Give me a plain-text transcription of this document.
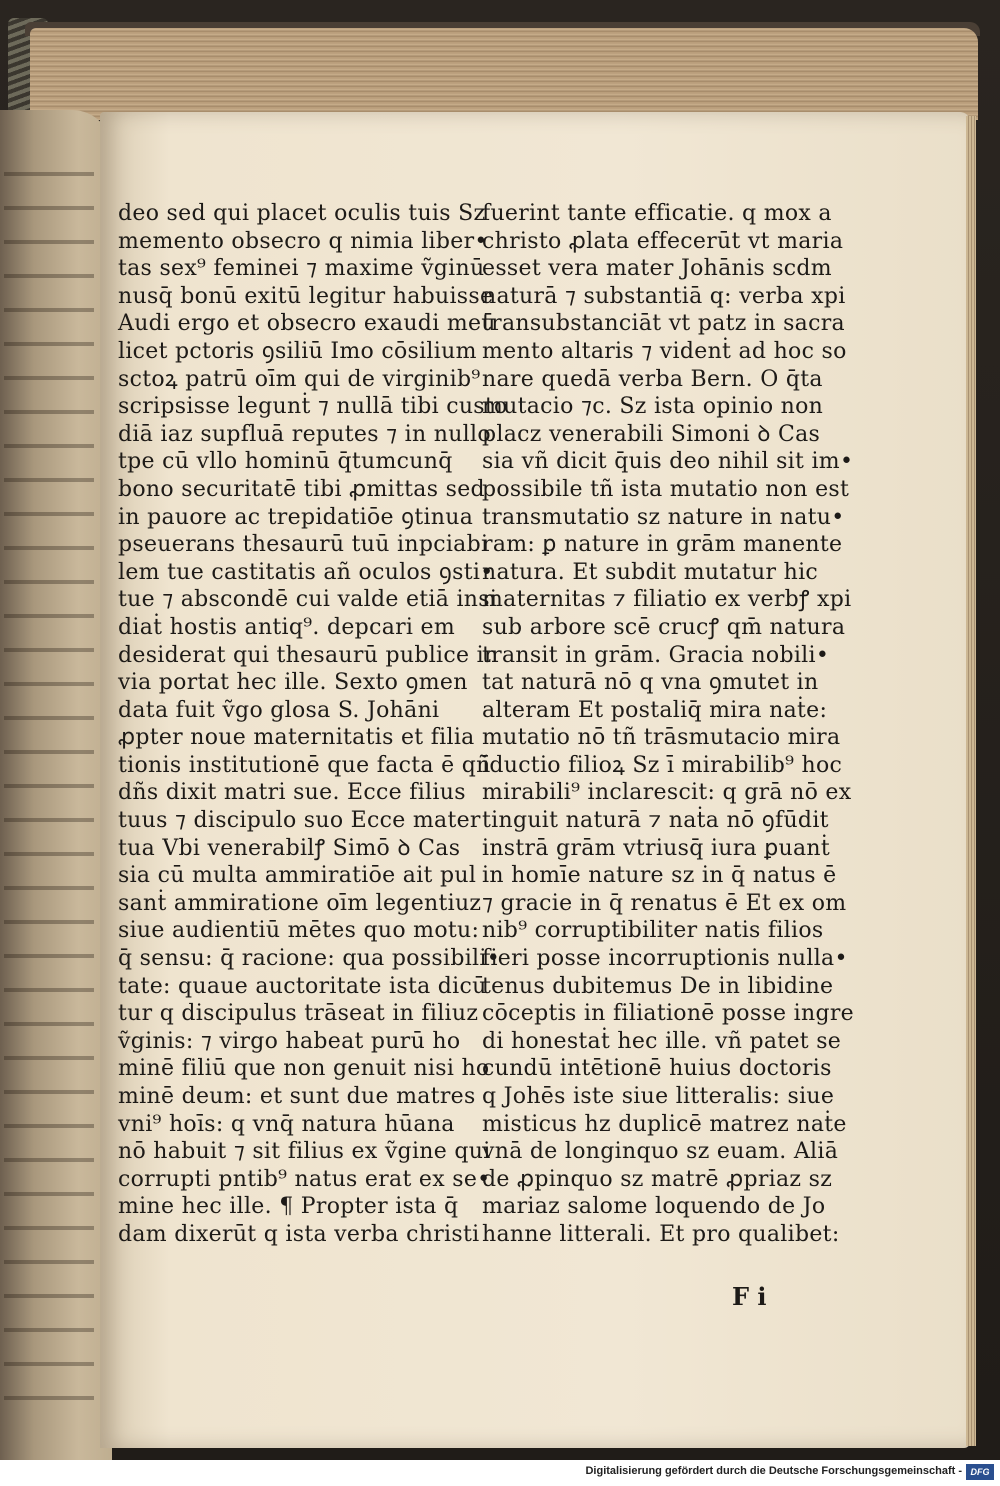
deo sed qui placet oculis tuis Sz
memento obsecro q nimia liber•
tas sex⁹ feminei ⁊ maxime ṽginū
nusq̄ bonū exitū legitur habuisse
Audi ergo et obsecro exaudi meū
licet pctoris ꝯsiliū Imo cōsilium
sctoꝝ patrū oīm qui de virginib⁹
scripsisse legunṫ ⁊ nullā tibi custo
diā iaz supfluā reputes ⁊ in nullo
tpe cū vllo hominū q̄tumcunq̄
bono securitatē tibi ꝓmittas sed
in pauore ac trepidatiōe ꝯtinua
pseuerans thesaurū tuū inpciabi
lem tue castitatis añ oculos ꝯsti•
tue ⁊ abscondē cui valde etiā insi
diaṫ hostis antiq⁹. depcari em
desiderat qui thesaurū publice in
via portat hec ille. Sexto ꝯmen
data fuit ṽgo glosa S. Johāni
ꝓpter noue maternitatis et filia
tionis institutionē que facta ē qñ
dñs dixit matri sue. Ecce filius
tuus ⁊ discipulo suo Ecce mater
tua Vbi venerabilꝭ Simō ꝺ Cas
sia cū multa ammiratiōe ait pul
sanṫ ammiratione oīm legentiuz
siue audientiū mētes quo motu:
q̄ sensu: q̄ racione: qua possibili•
tate: quaue auctoritate ista dicū
tur q discipulus trāseat in filiuz
ṽginis: ⁊ virgo habeat purū ho
minē filiū que non genuit nisi ho
minē deum: et sunt due matres
vni⁹ hoīs: q vnq̄ natura hūana
nō habuit ⁊ sit filius ex ṽgine qui
corrupti pntib⁹ natus erat ex se•
mine hec ille. ¶ Propter ista q̄
dam dixerūt q ista verba christi
fuerint tante efficatie. q mox a
christo ꝓlata effecerūt vt maria
esset vera mater Johānis scdm
naturā ⁊ substantiā q: verba xpi
transubstanciāt vt patz in sacra
mento altaris ⁊ videnṫ ad hoc so
nare quedā verba Bern. O q̄ta
mutacio ⁊c. Sz ista opinio non
placz venerabili Simoni ꝺ Cas
sia vñ dicit q̄uis deo nihil sit im•
possibile tñ ista mutatio non est
transmutatio sz nature in natu•
ram: ꝑ nature in grām manente
natura. Et subdit mutatur hic
maternitas ⁊ filiatio ex verbꝭ xpi
sub arbore scē crucꝭ qm̄ natura
transit in grām. Gracia nobili•
tat naturā nō q vna ꝯmutet in
alteram Et postaliq̄ mira naṫe:
mutatio nō tñ trāsmutacio mira
īductio filioꝝ Sz ī mirabilib⁹ hoc
mirabili⁹ inclarescit: q grā nō ex
tinguit naturā ⁊ naṫa nō ꝯfūdit
instrā grām vtriusq̄ iura ꝑuanṫ
in homīe nature sz in q̄ natus ē
⁊ gracie in q̄ renatus ē Et ex om
nib⁹ corruptibiliter natis filios
fieri posse incorruptionis nulla•
tenus dubitemus De in libidine
cōceptis in filiationē posse ingre
di honestaṫ hec ille. vñ patet se
cundū intētionē huius doctoris
q Johēs iste siue litteralis: siue
misticus hz duplicē matrez naṫe
vnā de longinquo sz euam. Aliā
de ꝓpinquo sz matrē ꝓpriaz sz
mariaz salome loquendo de Jo
hanne litterali. Et pro qualibet:
F i
Digitalisierung gefördert durch die Deutsche Forschungsgemeinschaft - DFG
